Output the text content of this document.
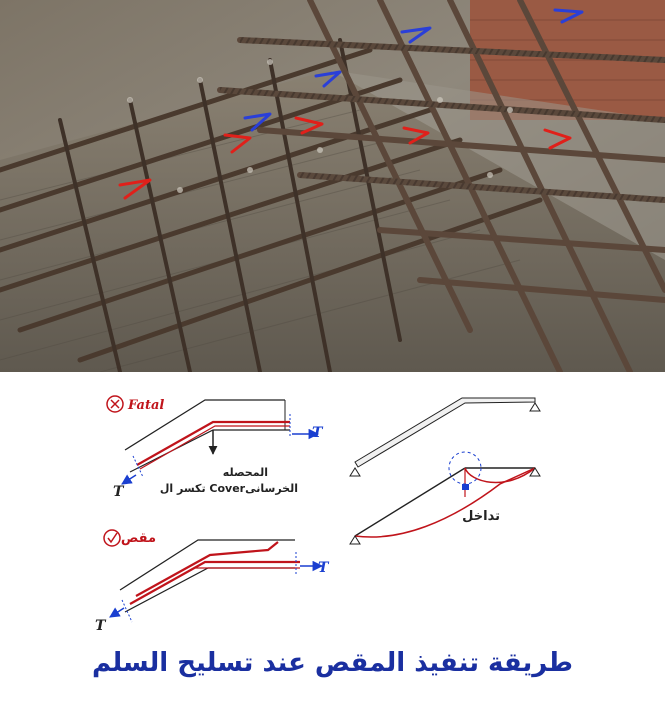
Fatal
T
T
المحصله
تكسر ال Coverالخرسانى
مقص
T
T
تداخل
طريقة تنفيذ المقص عند تسليح السلم
